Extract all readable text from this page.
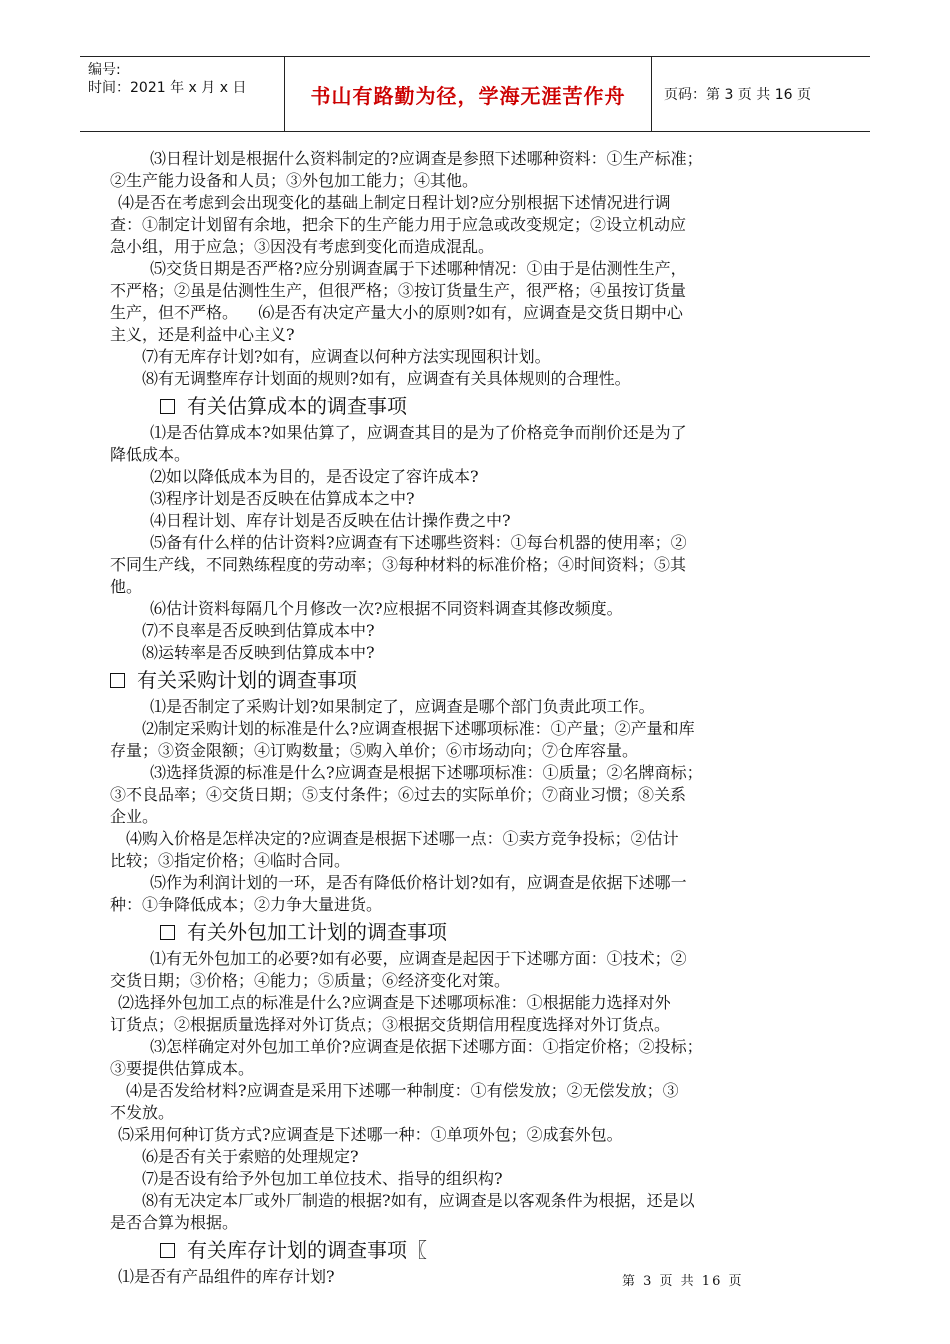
编号:
时间：2021 年 x 月 x 日	书山有路勤为径，学海无涯苦作舟	页码：第 3 页 共 16 页
⑶日程计划是根据什么资料制定的?应调查是参照下述哪种资料：①生产标准；
②生产能力设备和人员；③外包加工能力；④其他。
⑷是否在考虑到会出现变化的基础上制定日程计划?应分别根据下述情况进行调
查：①制定计划留有余地，把余下的生产能力用于应急或改变规定；②设立机动应
急小组，用于应急；③因没有考虑到变化而造成混乱。
⑸交货日期是否严格?应分别调查属于下述哪种情况：①由于是估测性生产，
不严格；②虽是估测性生产，但很严格；③按订货量生产，很严格；④虽按订货量
生产，但不严格。    ⑹是否有决定产量大小的原则?如有，应调查是交货日期中心
主义，还是利益中心主义?
⑺有无库存计划?如有，应调查以何种方法实现囤积计划。
⑻有无调整库存计划面的规则?如有，应调查有关具体规则的合理性。
有关估算成本的调查事项
⑴是否估算成本?如果估算了，应调查其目的是为了价格竞争而削价还是为了
降低成本。
⑵如以降低成本为目的，是否设定了容许成本?
⑶程序计划是否反映在估算成本之中?
⑷日程计划、库存计划是否反映在估计操作费之中?
⑸备有什么样的估计资料?应调查有下述哪些资料：①每台机器的使用率；②
不同生产线，不同熟练程度的劳动率；③每种材料的标准价格；④时间资料；⑤其
他。
⑹估计资料每隔几个月修改一次?应根据不同资料调查其修改频度。
⑺不良率是否反映到估算成本中?
⑻运转率是否反映到估算成本中?
有关采购计划的调查事项
⑴是否制定了采购计划?如果制定了，应调查是哪个部门负责此项工作。
⑵制定采购计划的标准是什么?应调查根据下述哪项标准：①产量；②产量和库
存量；③资金限额；④订购数量；⑤购入单价；⑥市场动向；⑦仓库容量。
⑶选择货源的标准是什么?应调查是根据下述哪项标准：①质量；②名牌商标；
③不良品率；④交货日期；⑤支付条件；⑥过去的实际单价；⑦商业习惯；⑧关系
企业。
⑷购入价格是怎样决定的?应调查是根据下述哪一点：①卖方竞争投标；②估计
比较；③指定价格；④临时合同。
⑸作为利润计划的一环，是否有降低价格计划?如有，应调查是依据下述哪一
种：①争降低成本；②力争大量进货。
有关外包加工计划的调查事项
⑴有无外包加工的必要?如有必要，应调查是起因于下述哪方面：①技术；②
交货日期；③价格；④能力；⑤质量；⑥经济变化对策。
⑵选择外包加工点的标准是什么?应调查是下述哪项标准：①根据能力选择对外
订货点；②根据质量选择对外订货点；③根据交货期信用程度选择对外订货点。
⑶怎样确定对外包加工单价?应调查是依据下述哪方面：①指定价格；②投标；
③要提供估算成本。
⑷是否发给材料?应调查是采用下述哪一种制度：①有偿发放；②无偿发放；③
不发放。
⑸采用何种订货方式?应调查是下述哪一种：①单项外包；②成套外包。
⑹是否有关于索赔的处理规定?
⑺是否设有给予外包加工单位技术、指导的组织构?
⑻有无决定本厂或外厂制造的根据?如有，应调查是以客观条件为根据，还是以
是否合算为根据。
有关库存计划的调查事项〖
⑴是否有产品组件的库存计划?	第 3 页 共 16 页
